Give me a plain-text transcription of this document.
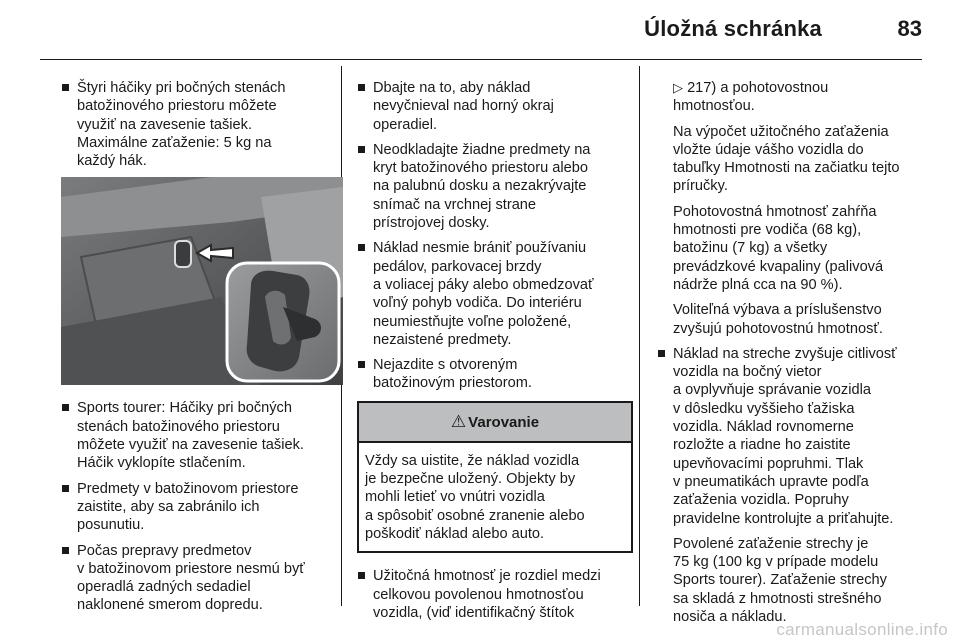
Úložná schránka	83
Štyri háčiky pri bočných stenách
batožinového priestoru môžete
využiť na zavesenie tašiek.
Maximálne zaťaženie: 5 kg na
každý hák.
Sports tourer: Háčiky pri bočných
stenách batožinového priestoru
môžete využiť na zavesenie tašiek.
Háčik vyklopíte stlačením.
Predmety v batožinovom priestore
zaistite, aby sa zabránilo ich
posunutiu.
Počas prepravy predmetov
v batožinovom priestore nesmú byť
operadlá zadných sedadiel
naklonené smerom dopredu.
Dbajte na to, aby náklad
nevyčnieval nad horný okraj
operadiel.
Neodkladajte žiadne predmety na
kryt batožinového priestoru alebo
na palubnú dosku a nezakrývajte
snímač na vrchnej strane
prístrojovej dosky.
Náklad nesmie brániť používaniu
pedálov, parkovacej brzdy
a voliacej páky alebo obmedzovať
voľný pohyb vodiča. Do interiéru
neumiestňujte voľne položené,
nezaistené predmety.
Nejazdite s otvoreným
batožinovým priestorom.
⚠ Varovanie
Vždy sa uistite, že náklad vozidla
je bezpečne uložený. Objekty by
mohli letieť vo vnútri vozidla
a spôsobiť osobné zranenie alebo
poškodiť náklad alebo auto.
Užitočná hmotnosť je rozdiel medzi
celkovou povolenou hmotnosťou
vozidla, (viď identifikačný štítok

▷ 217) a pohotovostnou
hmotnosťou.

Na výpočet užitočného zaťaženia
vložte údaje vášho vozidla do
tabuľky Hmotnosti na začiatku tejto
príručky.

Pohotovostná hmotnosť zahŕňa
hmotnosti pre vodiča (68 kg),
batožinu (7 kg) a všetky
prevádzkové kvapaliny (palivová
nádrže plná cca na 90 %).

Voliteľná výbava a príslušenstvo
zvyšujú pohotovostnú hmotnosť.

Náklad na streche zvyšuje citlivosť
vozidla na bočný vietor
a ovplyvňuje správanie vozidla
v dôsledku vyššieho ťažiska
vozidla. Náklad rovnomerne
rozložte a riadne ho zaistite
upevňovacími popruhmi. Tlak
v pneumatikách upravte podľa
zaťaženia vozidla. Popruhy
pravidelne kontrolujte a priťahujte.

Povolené zaťaženie strechy je
75 kg (100 kg v prípade modelu
Sports tourer). Zaťaženie strechy
sa skladá z hmotnosti strešného
nosiča a nákladu.

carmanualsonline.info
